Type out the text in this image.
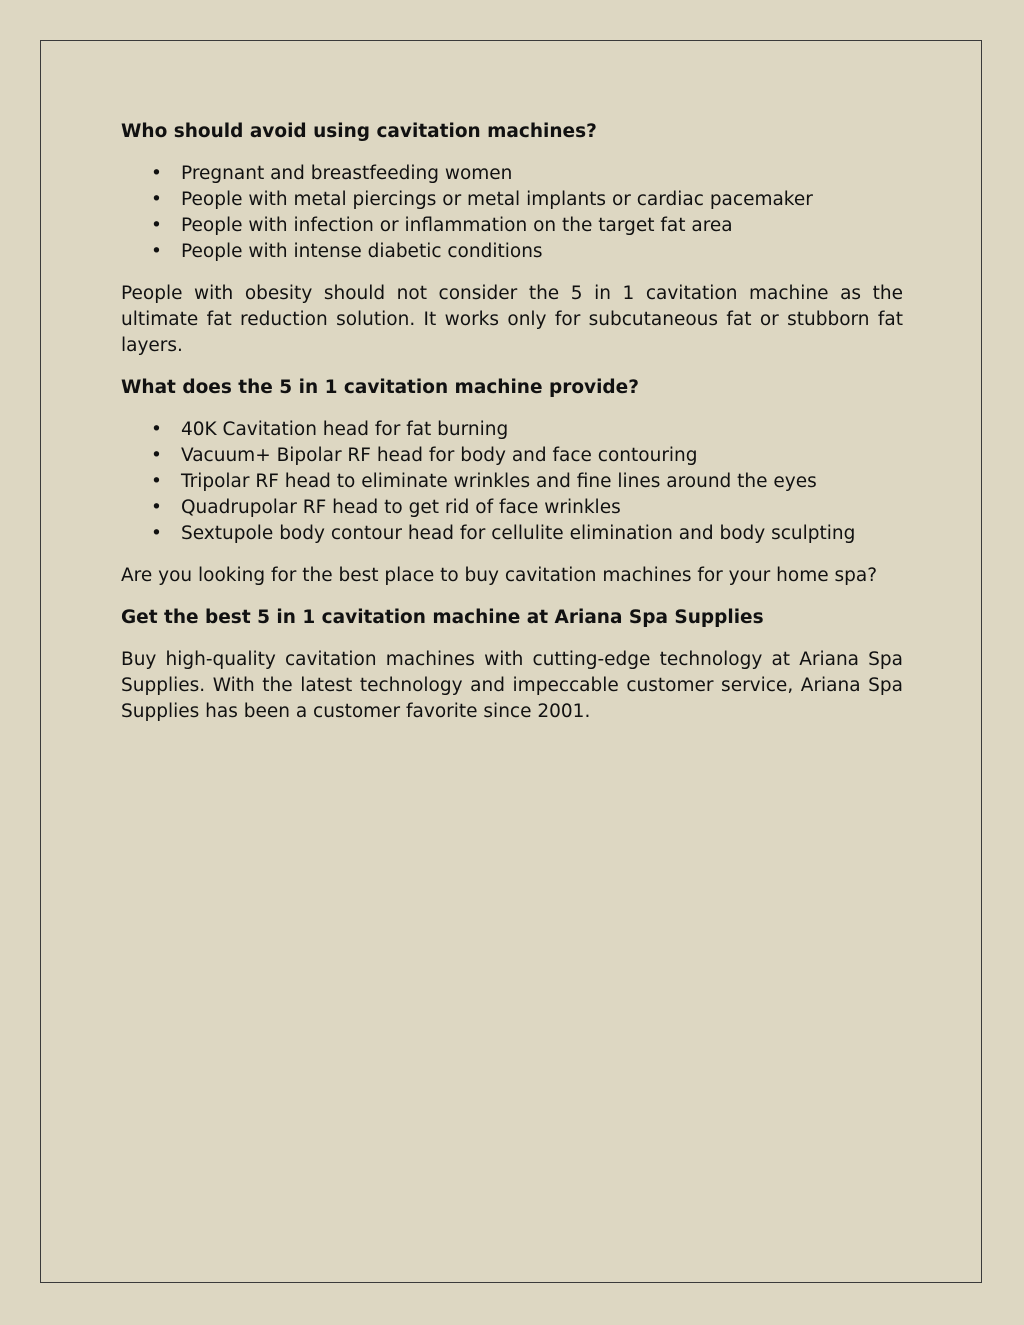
Who should avoid using cavitation machines?

• Pregnant and breastfeeding women
• People with metal piercings or metal implants or cardiac pacemaker
• People with infection or inflammation on the target fat area
• People with intense diabetic conditions

People with obesity should not consider the 5 in 1 cavitation machine as the ultimate fat reduction solution. It works only for subcutaneous fat or stubborn fat layers.

What does the 5 in 1 cavitation machine provide?

• 40K Cavitation head for fat burning
• Vacuum+ Bipolar RF head for body and face contouring
• Tripolar RF head to eliminate wrinkles and fine lines around the eyes
• Quadrupolar RF head to get rid of face wrinkles
• Sextupole body contour head for cellulite elimination and body sculpting

Are you looking for the best place to buy cavitation machines for your home spa?

Get the best 5 in 1 cavitation machine at Ariana Spa Supplies

Buy high-quality cavitation machines with cutting-edge technology at Ariana Spa Supplies. With the latest technology and impeccable customer service, Ariana Spa Supplies has been a customer favorite since 2001.
